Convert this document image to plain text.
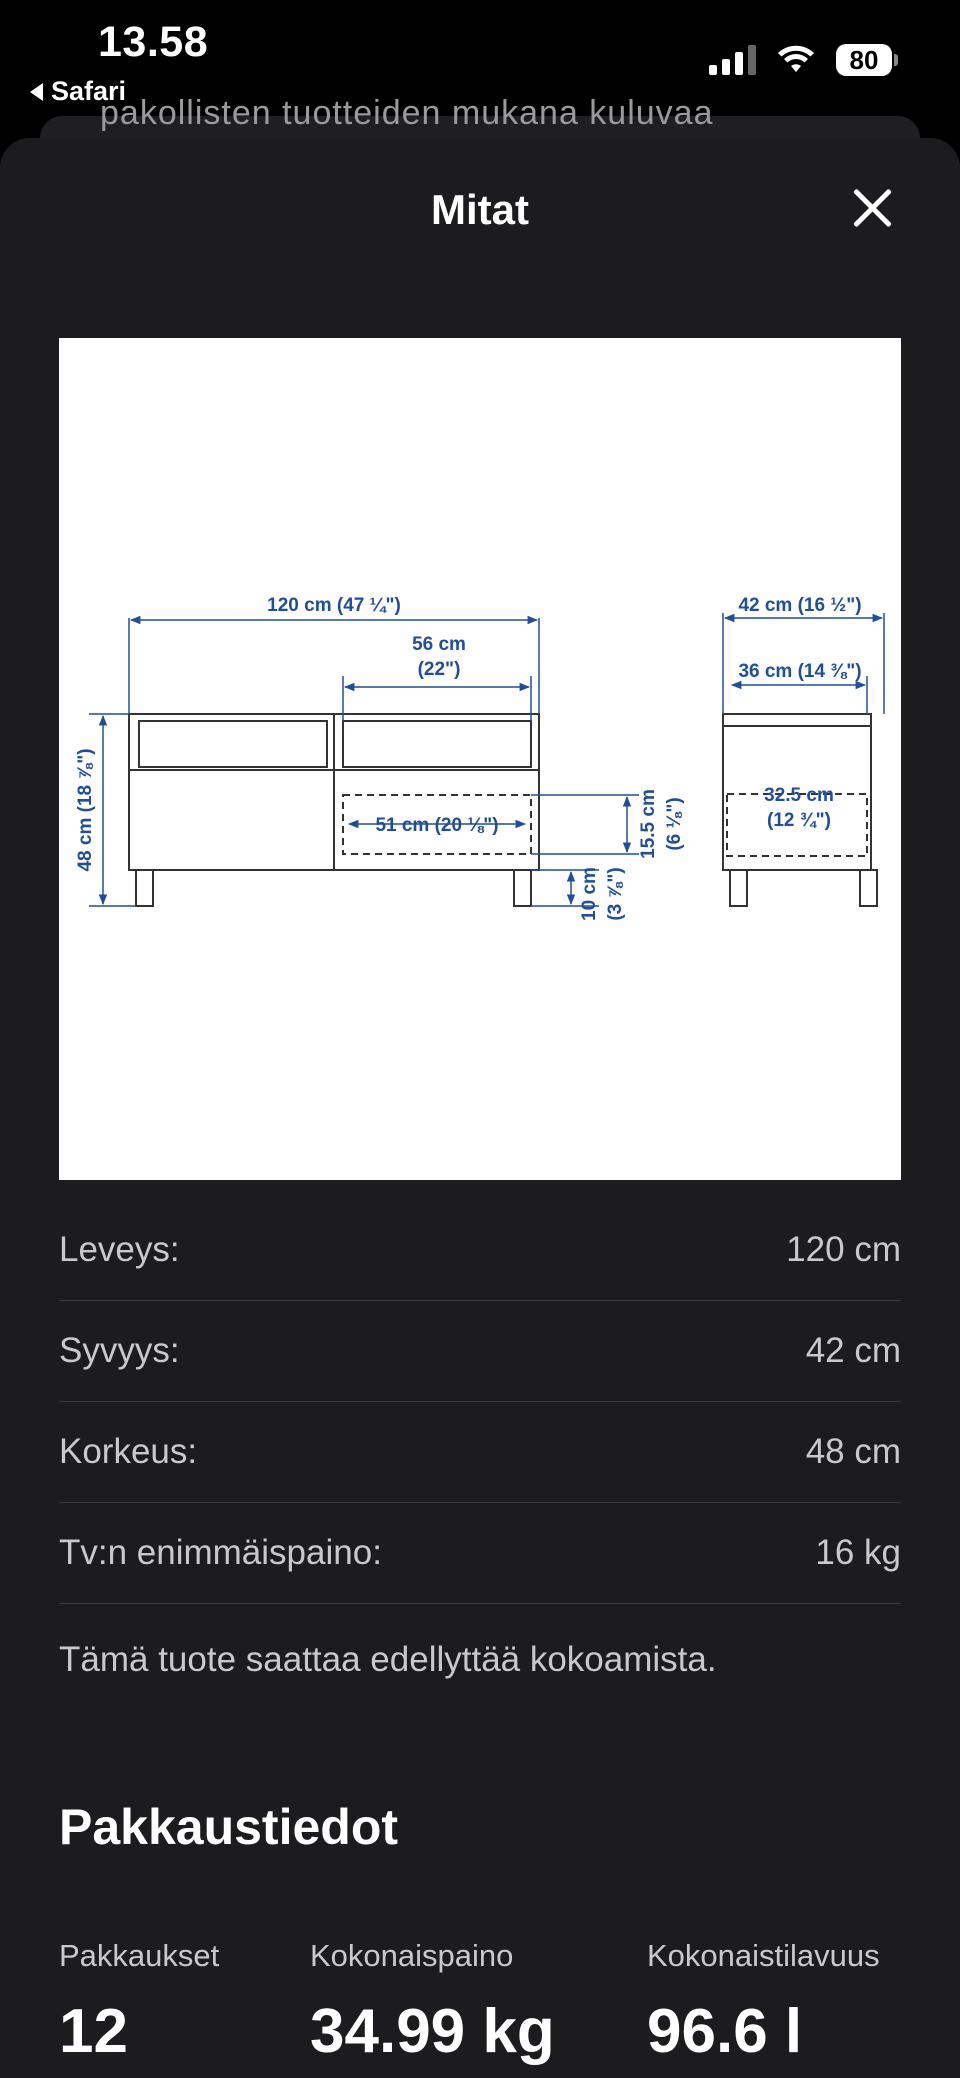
13.58
Safari
80
pakollisten tuotteiden mukana kuluvaa
Mitat
120 cm (47 ¼")
56 cm
(22")
51 cm (20 ⅛")
48 cm (18 ⅞")	15.5 cm (6 ⅛")
10 cm (3 ⅞")
42 cm (16 ½")
36 cm (14 ⅜")
32.5 cm
(12 ¾")
Leveys:	120 cm
Syvyys:	42 cm
Korkeus:	48 cm
Tv:n enimmäispaino:	16 kg
Tämä tuote saattaa edellyttää kokoamista.
Pakkaustiedot
Pakkaukset
12
Kokonaispaino
34.99 kg
Kokonaistilavuus
96.6 l
